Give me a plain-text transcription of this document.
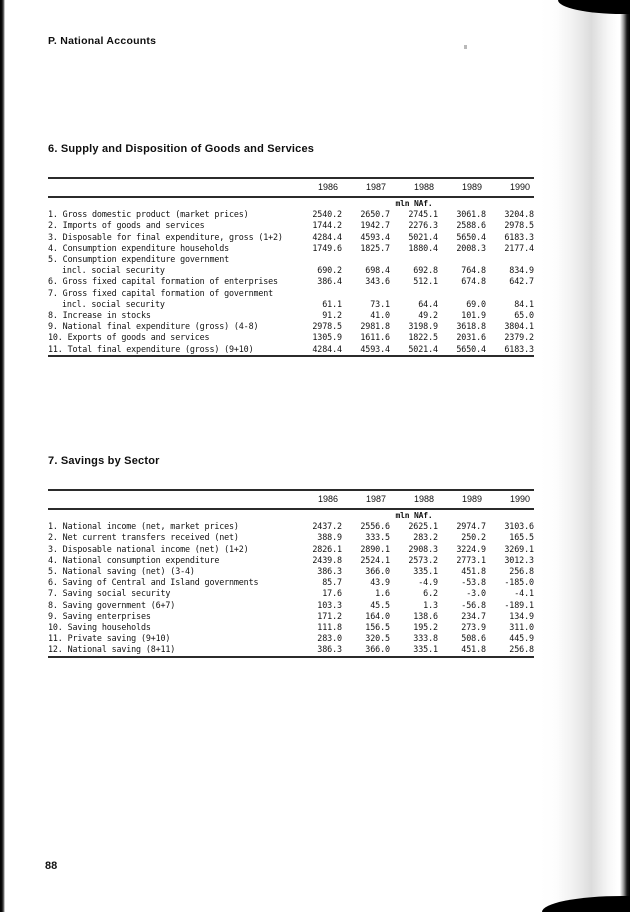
P. National Accounts
6. Supply and Disposition of Goods and Services
	1986	1987	1988	1989	1990
			mln NAf.		
1. Gross domestic product (market prices)	2540.2	2650.7	2745.1	3061.8	3204.8
2. Imports of goods and services	1744.2	1942.7	2276.3	2588.6	2978.5
3. Disposable for final expenditure, gross (1+2)	4284.4	4593.4	5021.4	5650.4	6183.3
4. Consumption expenditure households	1749.6	1825.7	1880.4	2008.3	2177.4
5. Consumption expenditure government					
incl. social security	690.2	698.4	692.8	764.8	834.9
6. Gross fixed capital formation of enterprises	386.4	343.6	512.1	674.8	642.7
7. Gross fixed capital formation of government					
incl. social security	61.1	73.1	64.4	69.0	84.1
8. Increase in stocks	91.2	41.0	49.2	101.9	65.0
9. National final expenditure (gross) (4-8)	2978.5	2981.8	3198.9	3618.8	3804.1
10. Exports of goods and services	1305.9	1611.6	1822.5	2031.6	2379.2
11. Total final expenditure (gross) (9+10)	4284.4	4593.4	5021.4	5650.4	6183.3
7. Savings by Sector
	1986	1987	1988	1989	1990
			mln NAf.		
1. National income (net, market prices)	2437.2	2556.6	2625.1	2974.7	3103.6
2. Net current transfers received (net)	388.9	333.5	283.2	250.2	165.5
3. Disposable national income (net) (1+2)	2826.1	2890.1	2908.3	3224.9	3269.1
4. National consumption expenditure	2439.8	2524.1	2573.2	2773.1	3012.3
5. National saving (net) (3-4)	386.3	366.0	335.1	451.8	256.8
6. Saving of Central and Island governments	85.7	43.9	-4.9	-53.8	-185.0
7. Saving social security	17.6	1.6	6.2	-3.0	-4.1
8. Saving government (6+7)	103.3	45.5	1.3	-56.8	-189.1
9. Saving enterprises	171.2	164.0	138.6	234.7	134.9
10. Saving households	111.8	156.5	195.2	273.9	311.0
11. Private saving (9+10)	283.0	320.5	333.8	508.6	445.9
12. National saving (8+11)	386.3	366.0	335.1	451.8	256.8
88
